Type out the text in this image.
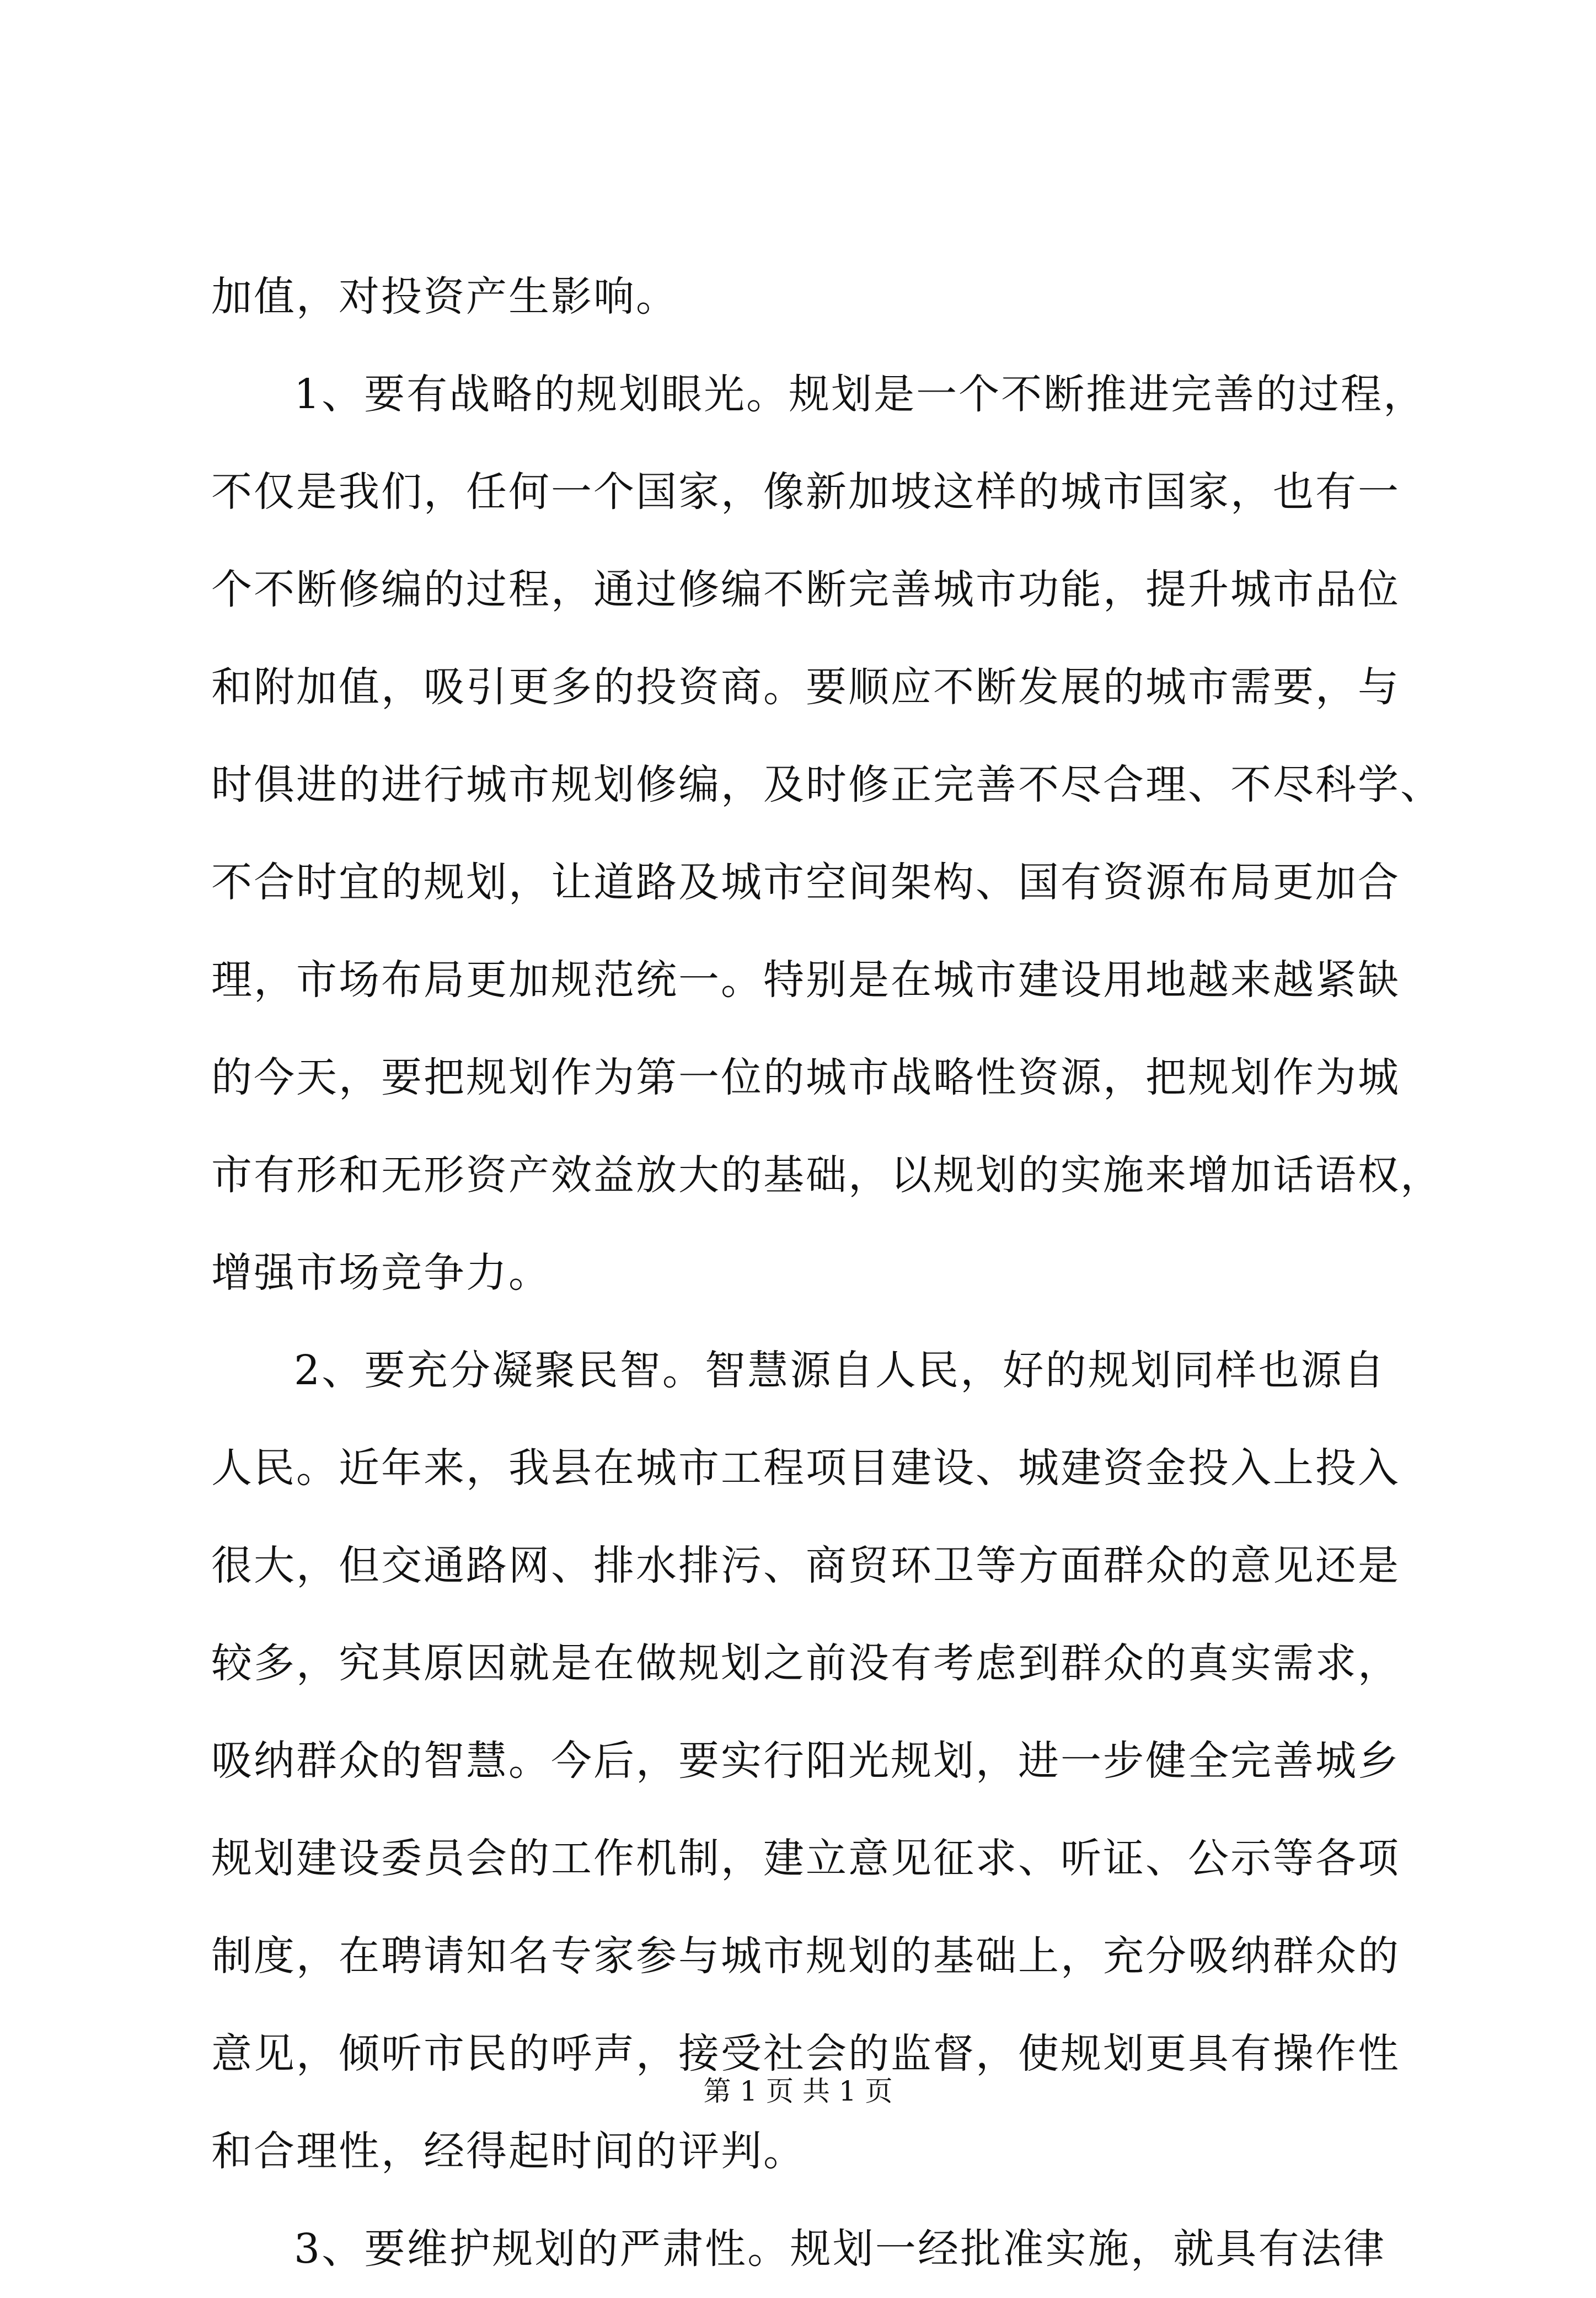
加值，对投资产生影响。
1、要有战略的规划眼光。规划是一个不断推进完善的过程，
不仅是我们，任何一个国家，像新加坡这样的城市国家，也有一
个不断修编的过程，通过修编不断完善城市功能，提升城市品位
和附加值，吸引更多的投资商。要顺应不断发展的城市需要，与
时俱进的进行城市规划修编，及时修正完善不尽合理、不尽科学、
不合时宜的规划，让道路及城市空间架构、国有资源布局更加合
理，市场布局更加规范统一。特别是在城市建设用地越来越紧缺
的今天，要把规划作为第一位的城市战略性资源，把规划作为城
市有形和无形资产效益放大的基础，以规划的实施来增加话语权，
增强市场竞争力。
2、要充分凝聚民智。智慧源自人民，好的规划同样也源自
人民。近年来，我县在城市工程项目建设、城建资金投入上投入
很大，但交通路网、排水排污、商贸环卫等方面群众的意见还是
较多，究其原因就是在做规划之前没有考虑到群众的真实需求，
吸纳群众的智慧。今后，要实行阳光规划，进一步健全完善城乡
规划建设委员会的工作机制，建立意见征求、听证、公示等各项
制度，在聘请知名专家参与城市规划的基础上，充分吸纳群众的
意见，倾听市民的呼声，接受社会的监督，使规划更具有操作性
和合理性，经得起时间的评判。
3、要维护规划的严肃性。规划一经批准实施，就具有法律
第 1 页 共 1 页
